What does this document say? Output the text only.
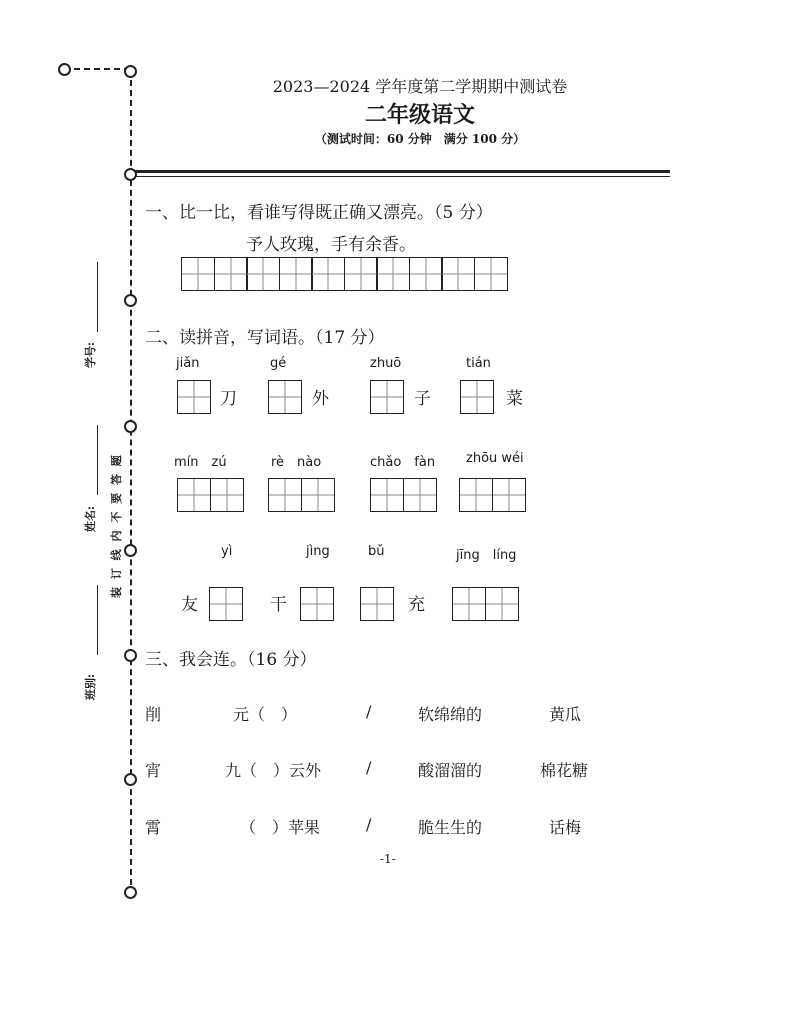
学号:
姓名:
班别:
装 订 线 内 不 要 答 题
2023—2024 学年度第二学期期中测试卷
二年级语文
（测试时间：60 分钟　满分 100 分）
一、比一比，看谁写得既正确又漂亮。（5 分）
予人玫瑰，手有余香。
二、读拼音，写词语。（17 分）
jiǎn
刀
gé
外
zhuō
子
tián
菜
mín　zú	rè　nào	chǎo　fàn zhōu wéi
yì
友
jìng
干
bǔ
充
jīng　líng
三、我会连。（16 分）
削	元（　）	/	软绵绵的	黄瓜
宵	九（　）云外	/	酸溜溜的	棉花糖
霄	（　）苹果	/	脆生生的	话梅
-1-
